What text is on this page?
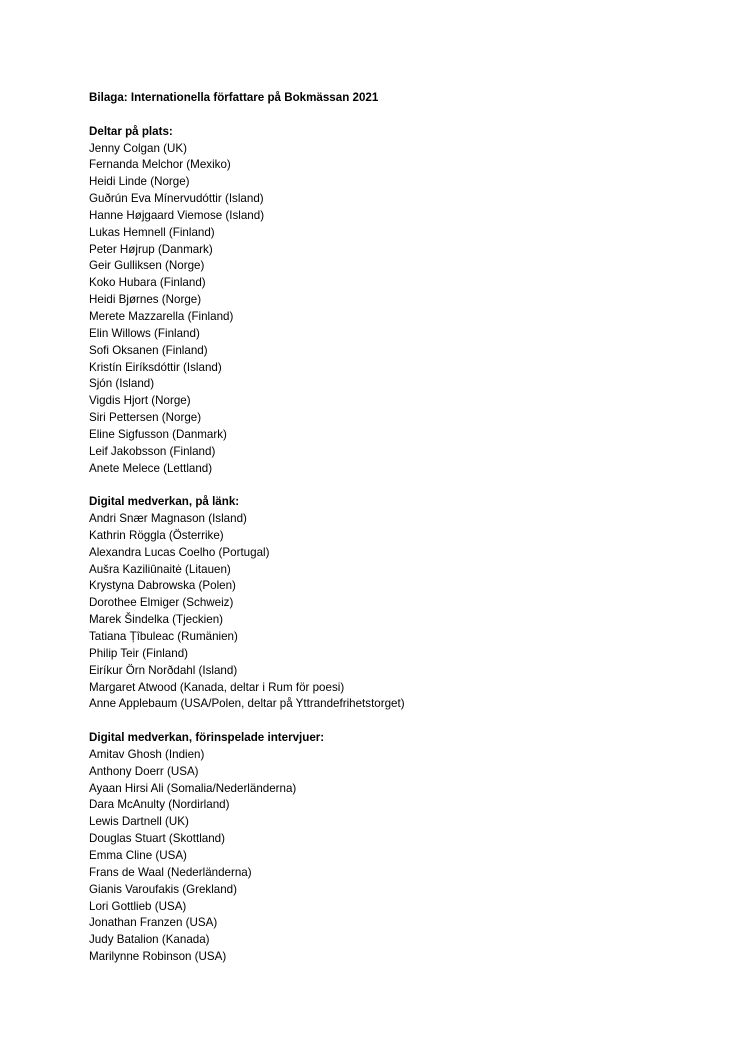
Bilaga: Internationella författare på Bokmässan 2021
Deltar på plats:
Jenny Colgan (UK)
Fernanda Melchor (Mexiko)
Heidi Linde (Norge)
Guðrún Eva Mínervudóttir (Island)
Hanne Højgaard Viemose (Island)
Lukas Hemnell (Finland)
Peter Højrup (Danmark)
Geir Gulliksen (Norge)
Koko Hubara (Finland)
Heidi Bjørnes (Norge)
Merete Mazzarella (Finland)
Elin Willows (Finland)
Sofi Oksanen (Finland)
Kristín Eiríksdóttir (Island)
Sjón (Island)
Vigdis Hjort (Norge)
Siri Pettersen (Norge)
Eline Sigfusson (Danmark)
Leif Jakobsson (Finland)
Anete Melece (Lettland)
Digital medverkan, på länk:
Andri Snær Magnason (Island)
Kathrin Röggla (Österrike)
Alexandra Lucas Coelho (Portugal)
Aušra Kaziliūnaitė (Litauen)
Krystyna Dabrowska (Polen)
Dorothee Elmiger (Schweiz)
Marek Šindelka (Tjeckien)
Tatiana Țîbuleac (Rumänien)
Philip Teir (Finland)
Eiríkur Örn Norðdahl (Island)
Margaret Atwood (Kanada, deltar i Rum för poesi)
Anne Applebaum (USA/Polen, deltar på Yttrandefrihetstorget)
Digital medverkan, förinspelade intervjuer:
Amitav Ghosh (Indien)
Anthony Doerr (USA)
Ayaan Hirsi Ali (Somalia/Nederländerna)
Dara McAnulty (Nordirland)
Lewis Dartnell (UK)
Douglas Stuart (Skottland)
Emma Cline (USA)
Frans de Waal (Nederländerna)
Gianis Varoufakis (Grekland)
Lori Gottlieb (USA)
Jonathan Franzen (USA)
Judy Batalion (Kanada)
Marilynne Robinson (USA)
